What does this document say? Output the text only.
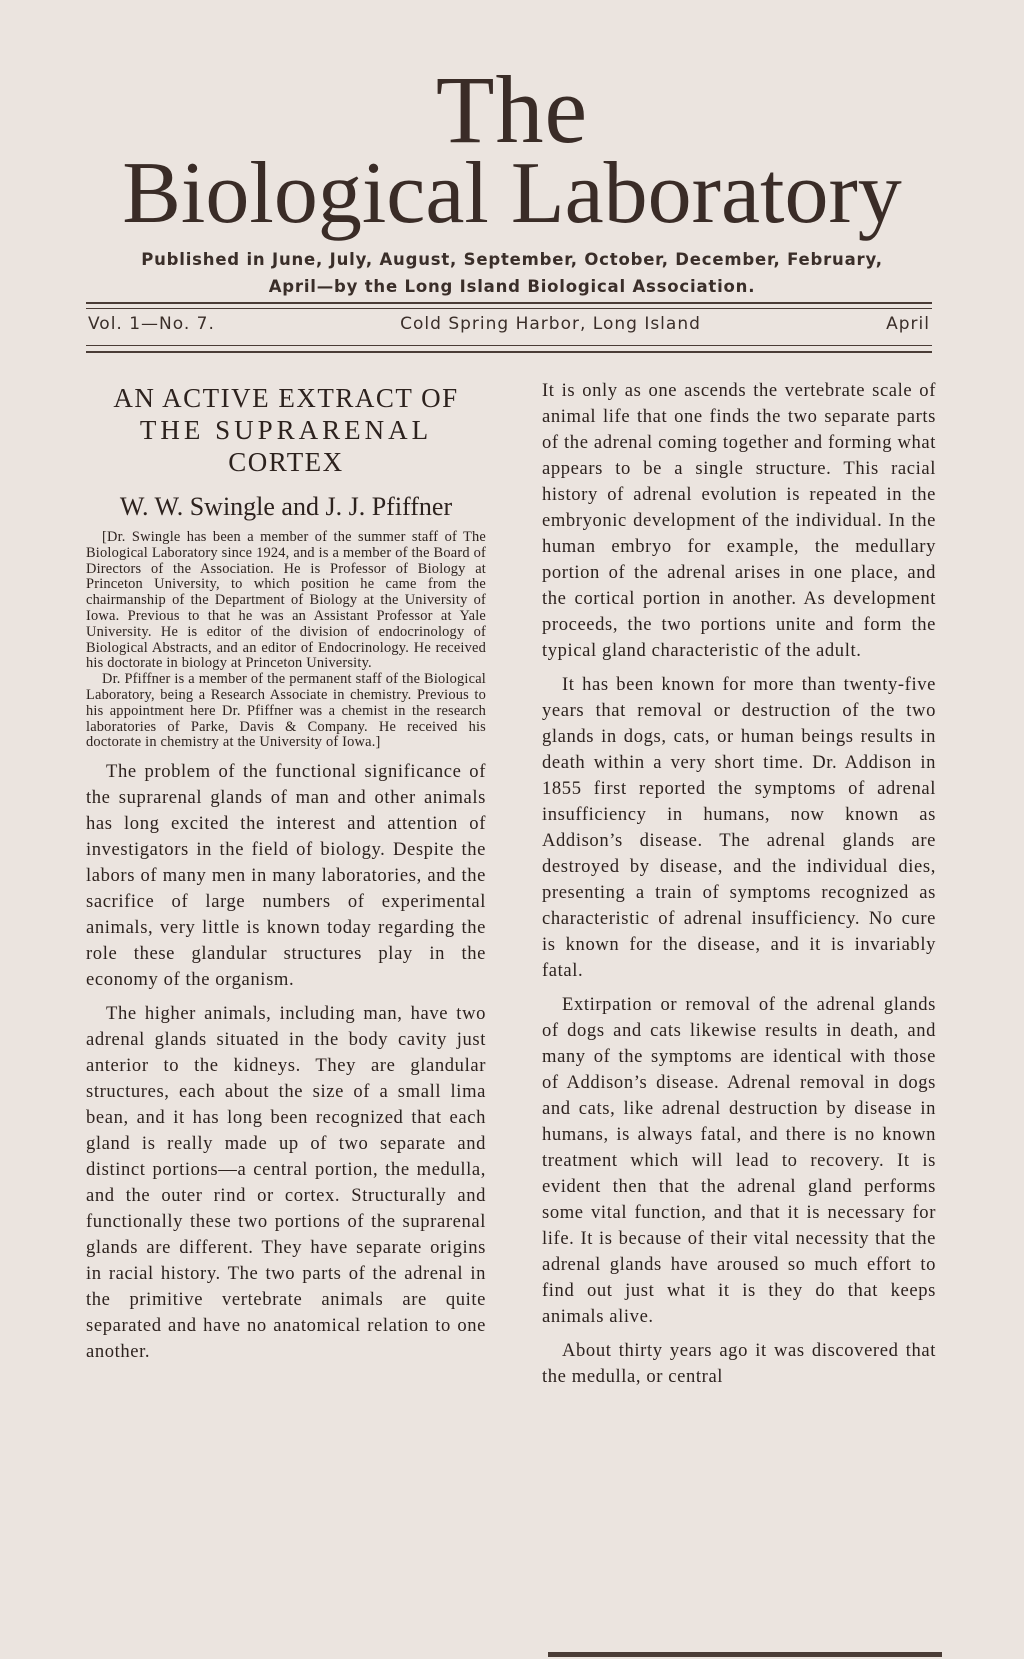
The
Biological Laboratory
Published in June, July, August, September, October, December, February,
April—by the Long Island Biological Association.
Vol. 1—No. 7.	Cold Spring Harbor, Long Island	April
AN ACTIVE EXTRACT OF
THE SUPRARENAL
CORTEX
W. W. Swingle and J. J. Pfiffner

[Dr. Swingle has been a member of the summer staff of The Biological Laboratory since 1924, and is a member of the Board of Directors of the Association. He is Professor of Biology at Princeton University, to which position he came from the chairmanship of the Department of Biology at the University of Iowa. Previous to that he was an Assistant Professor at Yale University. He is editor of the division of endocrinology of Biological Abstracts, and an editor of Endocrinology. He received his doctorate in biology at Princeton University.

Dr. Pfiffner is a member of the permanent staff of the Biological Laboratory, being a Research Associate in chemistry. Previous to his appointment here Dr. Pfiffner was a chemist in the research laboratories of Parke, Davis & Company. He received his doctorate in chemistry at the University of Iowa.]

The problem of the functional significance of the suprarenal glands of man and other animals has long excited the interest and attention of investigators in the field of biology. Despite the labors of many men in many laboratories, and the sacrifice of large numbers of experimental animals, very little is known today regarding the role these glandular structures play in the economy of the organism.

The higher animals, including man, have two adrenal glands situated in the body cavity just anterior to the kidneys. They are glandular structures, each about the size of a small lima bean, and it has long been recognized that each gland is really made up of two separate and distinct portions—a central portion, the medulla, and the outer rind or cortex. Structurally and functionally these two portions of the suprarenal glands are different. They have separate origins in racial history. The two parts of the adrenal in the primitive vertebrate animals are quite separated and have no anatomical relation to one another.

It is only as one ascends the vertebrate scale of animal life that one finds the two separate parts of the adrenal coming together and forming what appears to be a single structure. This racial history of adrenal evolution is repeated in the embryonic development of the individual. In the human embryo for example, the medullary portion of the adrenal arises in one place, and the cortical portion in another. As development proceeds, the two portions unite and form the typical gland characteristic of the adult.

It has been known for more than twenty-five years that removal or destruction of the two glands in dogs, cats, or human beings results in death within a very short time. Dr. Addison in 1855 first reported the symptoms of adrenal insufficiency in humans, now known as Addison’s disease. The adrenal glands are destroyed by disease, and the individual dies, presenting a train of symptoms recognized as characteristic of adrenal insufficiency. No cure is known for the disease, and it is invariably fatal.

Extirpation or removal of the adrenal glands of dogs and cats likewise results in death, and many of the symptoms are identical with those of Addison’s disease. Adrenal removal in dogs and cats, like adrenal destruction by disease in humans, is always fatal, and there is no known treatment which will lead to recovery. It is evident then that the adrenal gland performs some vital function, and that it is necessary for life. It is because of their vital necessity that the adrenal glands have aroused so much effort to find out just what it is they do that keeps animals alive.

About thirty years ago it was discovered that the medulla, or central
